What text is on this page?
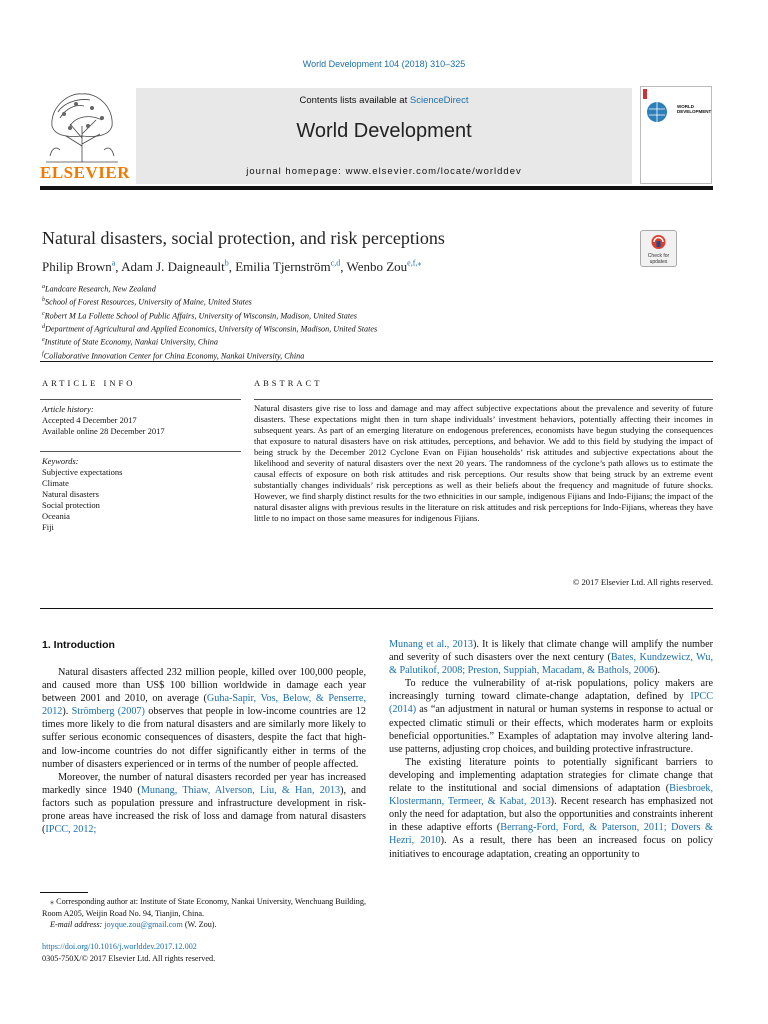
World Development 104 (2018) 310–325
ELSEVIER
Contents lists available at ScienceDirect
World Development
journal homepage: www.elsevier.com/locate/worlddev
WORLD DEVELOPMENT
Natural disasters, social protection, and risk perceptions
Check for updates
Philip Brown$^a$, Adam J. Daigneault$^b$, Emilia Tjernström$^{c,d}$, Wenbo Zou$^{e,f,⁎}$
$^a$Landcare Research, New Zealand
$^b$School of Forest Resources, University of Maine, United States
$^c$Robert M La Follette School of Public Affairs, University of Wisconsin, Madison, United States
$^d$Department of Agricultural and Applied Economics, University of Wisconsin, Madison, United States
$^e$Institute of State Economy, Nankai University, China
$^f$Collaborative Innovation Center for China Economy, Nankai University, China
ARTICLE INFO
Article history:
Accepted 4 December 2017
Available online 28 December 2017
Keywords:
Subjective expectations
Climate
Natural disasters
Social protection
Oceania
Fiji
ABSTRACT
Natural disasters give rise to loss and damage and may affect subjective expectations about the prevalence and severity of future disasters. These expectations might then in turn shape individuals’ investment behaviors, potentially affecting their incomes in subsequent years. As part of an emerging literature on endogenous preferences, economists have begun studying the consequences that exposure to natural disasters have on risk attitudes, perceptions, and behavior. We add to this field by studying the impact of being struck by the December 2012 Cyclone Evan on Fijian households’ risk attitudes and subjective expectations about the likelihood and severity of natural disasters over the next 20 years. The randomness of the cyclone’s path allows us to estimate the causal effects of exposure on both risk attitudes and risk perceptions. Our results show that being struck by an extreme event substantially changes individuals’ risk perceptions as well as their beliefs about the frequency and magnitude of future shocks. However, we find sharply distinct results for the two ethnicities in our sample, indigenous Fijians and Indo-Fijians; the impact of the natural disaster aligns with previous results in the literature on risk attitudes and risk perceptions for Indo-Fijians, whereas they have little to no impact on those same measures for indigenous Fijians.
© 2017 Elsevier Ltd. All rights reserved.
1. Introduction

Natural disasters affected 232 million people, killed over 100,000 people, and caused more than US$ 100 billion worldwide in damage each year between 2001 and 2010, on average (Guha-Sapir, Vos, Below, & Penserre, 2012). Strömberg (2007) observes that people in low-income countries are 12 times more likely to die from natural disasters and are similarly more likely to suffer serious economic consequences of disasters, despite the fact that high- and low-income countries do not differ significantly either in terms of the number of disasters experienced or in terms of the number of people affected.

Moreover, the number of natural disasters recorded per year has increased markedly since 1940 (Munang, Thiaw, Alverson, Liu, & Han, 2013), and factors such as population pressure and infrastructure development in risk-prone areas have increased the risk of loss and damage from natural disasters (IPCC, 2012;

Munang et al., 2013). It is likely that climate change will amplify the number and severity of such disasters over the next century (Bates, Kundzewicz, Wu, & Palutikof, 2008; Preston, Suppiah, Macadam, & Bathols, 2006).

To reduce the vulnerability of at-risk populations, policy makers are increasingly turning toward climate-change adaptation, defined by IPCC (2014) as “an adjustment in natural or human systems in response to actual or expected climatic stimuli or their effects, which moderates harm or exploits beneficial opportunities.” Examples of adaptation may involve altering land-use patterns, adjusting crop choices, and building protective infrastructure.

The existing literature points to potentially significant barriers to developing and implementing adaptation strategies for climate change that relate to the institutional and social dimensions of adaptation (Biesbroek, Klostermann, Termeer, & Kabat, 2013). Recent research has emphasized not only the need for adaptation, but also the opportunities and constraints inherent in these adaptive efforts (Berrang-Ford, Ford, & Paterson, 2011; Dovers & Hezri, 2010). As a result, there has been an increased focus on policy initiatives to encourage adaptation, creating an opportunity to

⁎ Corresponding author at: Institute of State Economy, Nankai University, Wenchuang Building, Room A205, Weijin Road No. 94, Tianjin, China.

E-mail address: joyque.zou@gmail.com (W. Zou).

https://doi.org/10.1016/j.worlddev.2017.12.002
0305-750X/© 2017 Elsevier Ltd. All rights reserved.
